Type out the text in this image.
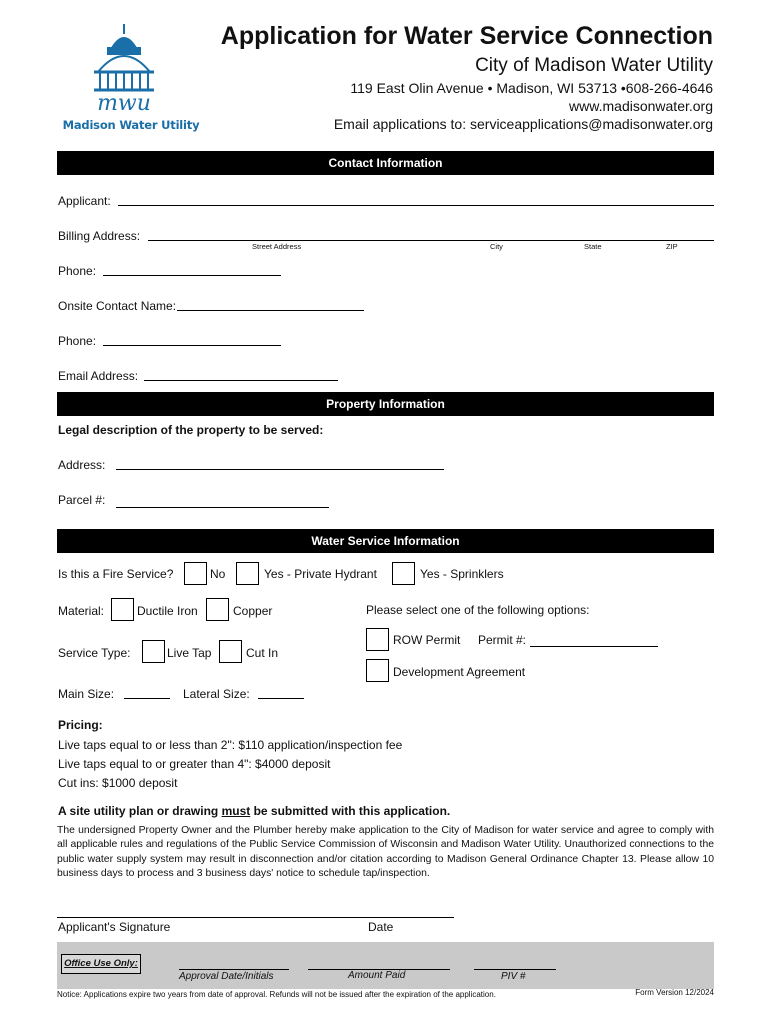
mwu
Madison Water Utility
Application for Water Service Connection
City of Madison Water Utility
119 East Olin Avenue • Madison, WI 53713 •608-266-4646
www.madisonwater.org
Email applications to: serviceapplications@madisonwater.org
Contact Information
Applicant:
Billing Address:
Street Address	City	State	ZIP
Phone:
Onsite Contact Name:
Phone:
Email Address:
Property Information
Legal description of the property to be served:
Address:
Parcel #:
Water Service Information
Is this a Fire Service?	No	Yes - Private Hydrant	Yes - Sprinklers
Material:	Ductile Iron	Copper	Please select one of the following options:
ROW Permit Permit #:
Service Type:	Live Tap	Cut In
Development Agreement
Main Size:	Lateral Size:
Pricing:
Live taps equal to or less than 2": $110 application/inspection fee
Live taps equal to or greater than 4": $4000 deposit
Cut ins: $1000 deposit
A site utility plan or drawing must be submitted with this application.
The undersigned Property Owner and the Plumber hereby make application to the City of Madison for water service and agree to comply with all applicable rules and regulations of the Public Service Commission of Wisconsin and Madison Water Utility. Unauthorized connections to the public water supply system may result in disconnection and/or citation according to Madison General Ordinance Chapter 13. Please allow 10 business days to process and 3 business days' notice to schedule tap/inspection.
Applicant's Signature	Date
Office Use Only:
Approval Date/Initials	Amount Paid	PIV #
Notice: Applications expire two years from date of approval. Refunds will not be issued after the expiration of the application.	Form Version 12/2024
